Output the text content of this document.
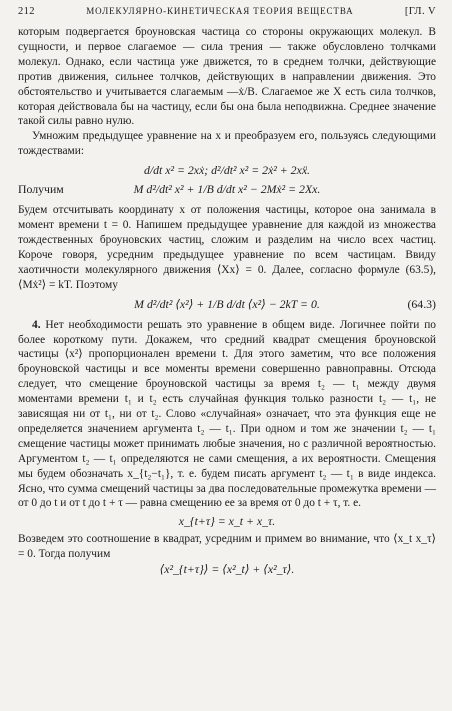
212	МОЛЕКУЛЯРНО-КИНЕТИЧЕСКАЯ ТЕОРИЯ ВЕЩЕСТВА	[ГЛ. V

которым подвергается броуновская частица со стороны окружающих молекул. В сущности, и первое слагаемое — сила трения — также обусловлено толчками молекул. Однако, если частица уже движется, то в среднем толчки, действующие против движения, сильнее толчков, действующих в направлении движения. Это обстоятельство и учитывается слагаемым —ẋ/B. Слагаемое же X есть сила толчков, которая действовала бы на частицу, если бы она была неподвижна. Среднее значение такой силы равно нулю.

Умножим предыдущее уравнение на x и преобразуем его, пользуясь следующими тождествами:

d/dt x² = 2xẋ; d²/dt² x² = 2ẋ² + 2xẍ.
Получим	M d²/dt² x² + 1/B d/dt x² − 2Mẋ² = 2Xx.

Будем отсчитывать координату x от положения частицы, которое она занимала в момент времени t = 0. Напишем предыдущее уравнение для каждой из множества тождественных броуновских частиц, сложим и разделим на число всех частиц. Короче говоря, усредним предыдущее уравнение по всем частицам. Ввиду хаотичности молекулярного движения ⟨Xx⟩ = 0. Далее, согласно формуле (63.5), ⟨Mẋ²⟩ = kT. Поэтому

M d²/dt² ⟨x²⟩ + 1/B d/dt ⟨x²⟩ − 2kT = 0.	(64.3)

4. Нет необходимости решать это уравнение в общем виде. Логичнее пойти по более короткому пути. Докажем, что средний квадрат смещения броуновской частицы ⟨x²⟩ пропорционален времени t. Для этого заметим, что все положения броуновской частицы и все моменты времени совершенно равноправны. Отсюда следует, что смещение броуновской частицы за время t₂ — t₁ между двумя моментами времени t₁ и t₂ есть случайная функция только разности t₂ — t₁, не зависящая ни от t₁, ни от t₂. Слово «случайная» означает, что эта функция еще не определяется значением аргумента t₂ — t₁. При одном и том же значении t₂ — t₁ смещение частицы может принимать любые значения, но с различной вероятностью. Аргументом t₂ — t₁ определяются не сами смещения, а их вероятности. Смещения мы будем обозначать x_{t₂−t₁}, т. е. будем писать аргумент t₂ — t₁ в виде индекса. Ясно, что сумма смещений частицы за два последовательные промежутка времени — от 0 до t и от t до t + τ — равна смещению ее за время от 0 до t + τ, т. е.

x_{t+τ} = x_t + x_τ.

Возведем это соотношение в квадрат, усредним и примем во внимание, что ⟨x_t x_τ⟩ = 0. Тогда получим

⟨x²_{t+τ}⟩ = ⟨x²_t⟩ + ⟨x²_τ⟩.
